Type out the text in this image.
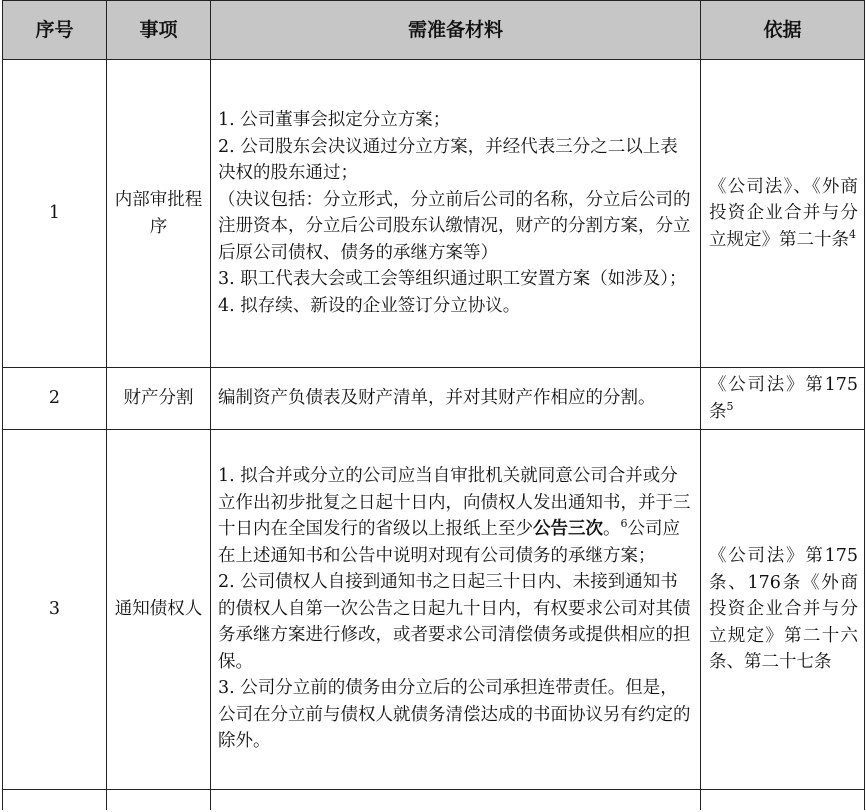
序号	事项	需准备材料	依据
1	内部审批程序	1. 公司董事会拟定分立方案；
2. 公司股东会决议通过分立方案，并经代表三分之二以上表决权的股东通过；
（决议包括：分立形式，分立前后公司的名称，分立后公司的注册资本，分立后公司股东认缴情况，财产的分割方案，分立后原公司债权、债务的承继方案等）
3. 职工代表大会或工会等组织通过职工安置方案（如涉及）；
4. 拟存续、新设的企业签订分立协议。	《公司法》、《外商投资企业合并与分立规定》第二十条$^4$

2	财产分割	编制资产负债表及财产清单，并对其财产作相应的分割。	《公司法》第175条$^5$

3	通知债权人	1. 拟合并或分立的公司应当自审批机关就同意公司合并或分立作出初步批复之日起十日内，向债权人发出通知书，并于三十日内在全国发行的省级以上报纸上至少公告三次。$^6$公司应在上述通知书和公告中说明对现有公司债务的承继方案；
2. 公司债权人自接到通知书之日起三十日内、未接到通知书的债权人自第一次公告之日起九十日内，有权要求公司对其债务承继方案进行修改，或者要求公司清偿债务或提供相应的担保。
3. 公司分立前的债务由分立后的公司承担连带责任。但是，公司在分立前与债权人就债务清偿达成的书面协议另有约定的除外。	《公司法》第175条、176条《外商投资企业合并与分立规定》第二十六条、第二十七条
